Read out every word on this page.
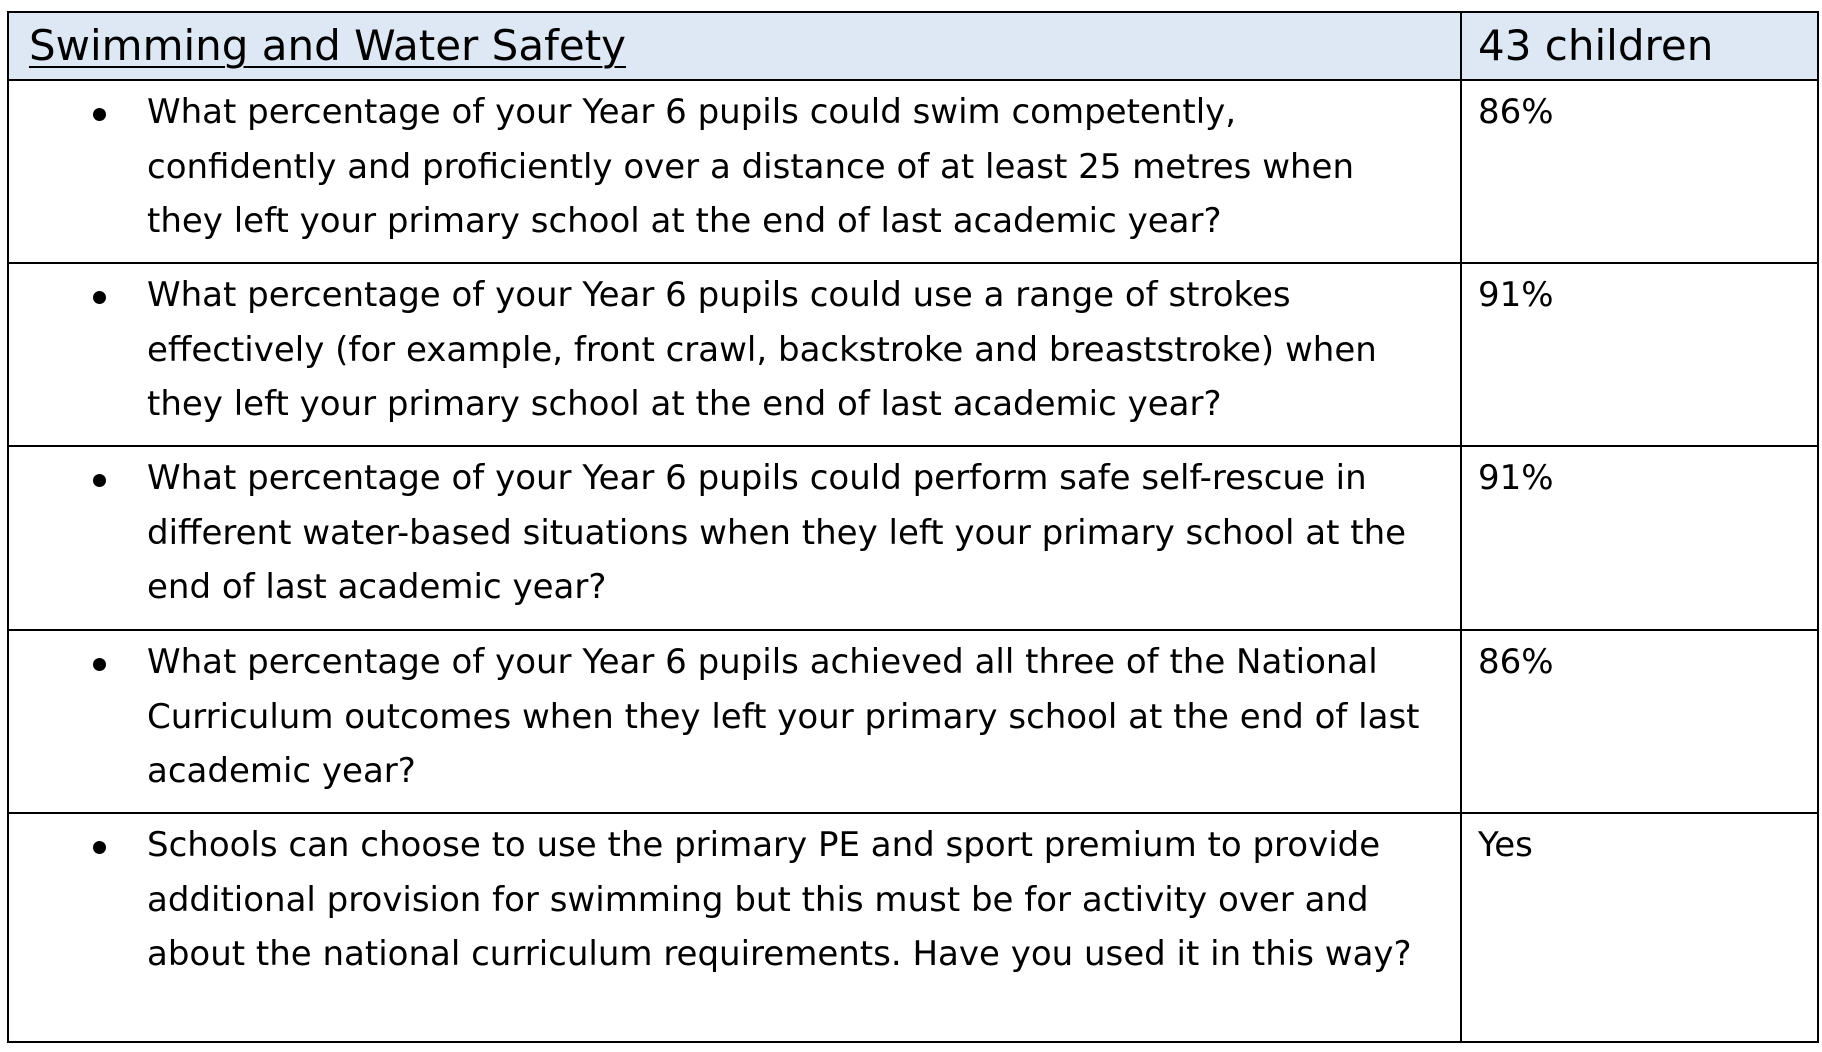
Swimming and Water Safety	43 children

What percentage of your Year 6 pupils could swim competently, confidently and proficiently over a distance of at least 25 metres when they left your primary school at the end of last academic year?	86%

What percentage of your Year 6 pupils could use a range of strokes effectively (for example, front crawl, backstroke and breaststroke) when they left your primary school at the end of last academic year?	91%

What percentage of your Year 6 pupils could perform safe self-rescue in different water-based situations when they left your primary school at the end of last academic year?	91%

What percentage of your Year 6 pupils achieved all three of the National Curriculum outcomes when they left your primary school at the end of last academic year?	86%

Schools can choose to use the primary PE and sport premium to provide additional provision for swimming but this must be for activity over and about the national curriculum requirements. Have you used it in this way?	Yes
